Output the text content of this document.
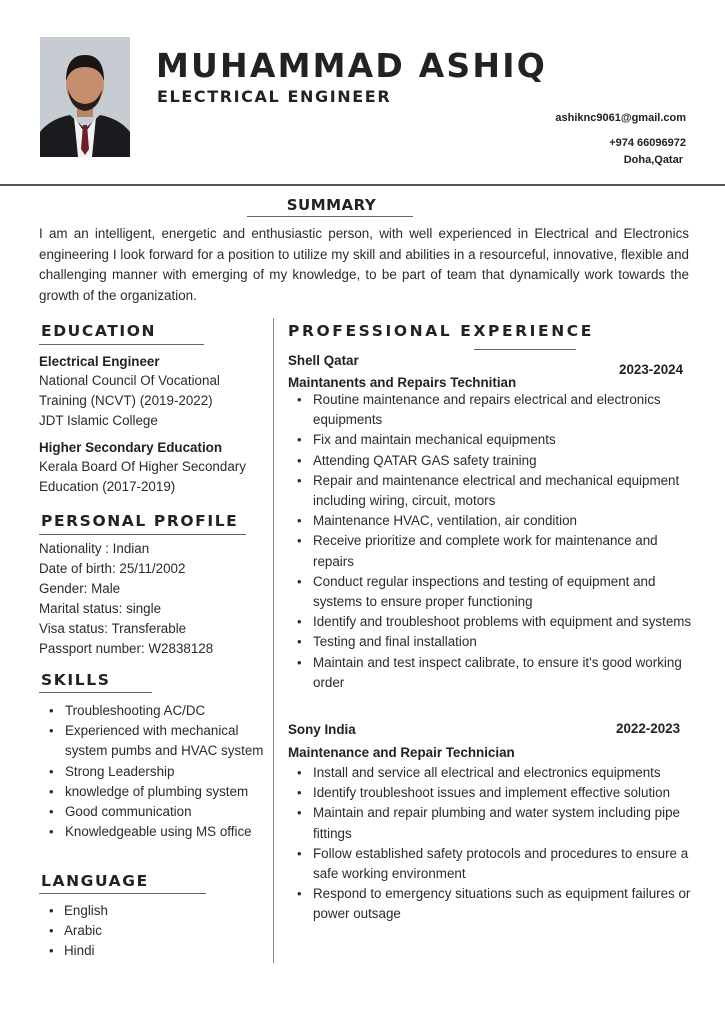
MUHAMMAD ASHIQ
ELECTRICAL ENGINEER
ashiknc9061@gmail.com
+974 66096972
Doha,Qatar
SUMMARY
I am an intelligent, energetic and enthusiastic person, with well experienced in Electrical and Electronics engineering I look forward for a position to utilize my skill and abilities in a resourceful, innovative, flexible and challenging manner with emerging of my knowledge, to be part of team that dynamically work towards the growth of the organization.
EDUCATION
Electrical Engineer
National Council Of Vocational
Training (NCVT) (2019-2022)
JDT Islamic College
Higher Secondary Education
Kerala Board Of Higher Secondary
Education (2017-2019)
PERSONAL PROFILE
Nationality : Indian
Date of birth: 25/11/2002
Gender: Male
Marital status: single
Visa status: Transferable
Passport number: W2838128
SKILLS
• Troubleshooting AC/DC
• Experienced with mechanical system pumbs and HVAC system
• Strong Leadership
• knowledge of plumbing system
• Good communication
• Knowledgeable using MS office
LANGUAGE
• English
• Arabic
• Hindi
PROFESSIONAL EXPERIENCE
Shell Qatar
2023-2024
Maintanents and Repairs Technitian
• Routine maintenance and repairs electrical and electronics equipments
• Fix and maintain mechanical equipments
• Attending QATAR GAS safety training
• Repair and maintenance electrical and mechanical equipment including wiring, circuit, motors
• Maintenance HVAC, ventilation, air condition
• Receive prioritize and complete work for maintenance and repairs
• Conduct regular inspections and testing of equipment and systems to ensure proper functioning
• Identify and troubleshoot problems with equipment and systems
• Testing and final installation
• Maintain and test inspect calibrate, to ensure it's good working order
Sony India	2022-2023
Maintenance and Repair Technician
• Install and service all electrical and electronics equipments
• Identify troubleshoot issues and implement effective solution
• Maintain and repair plumbing and water system including pipe fittings
• Follow established safety protocols and procedures to ensure a safe working environment
• Respond to emergency situations such as equipment failures or power outsage
